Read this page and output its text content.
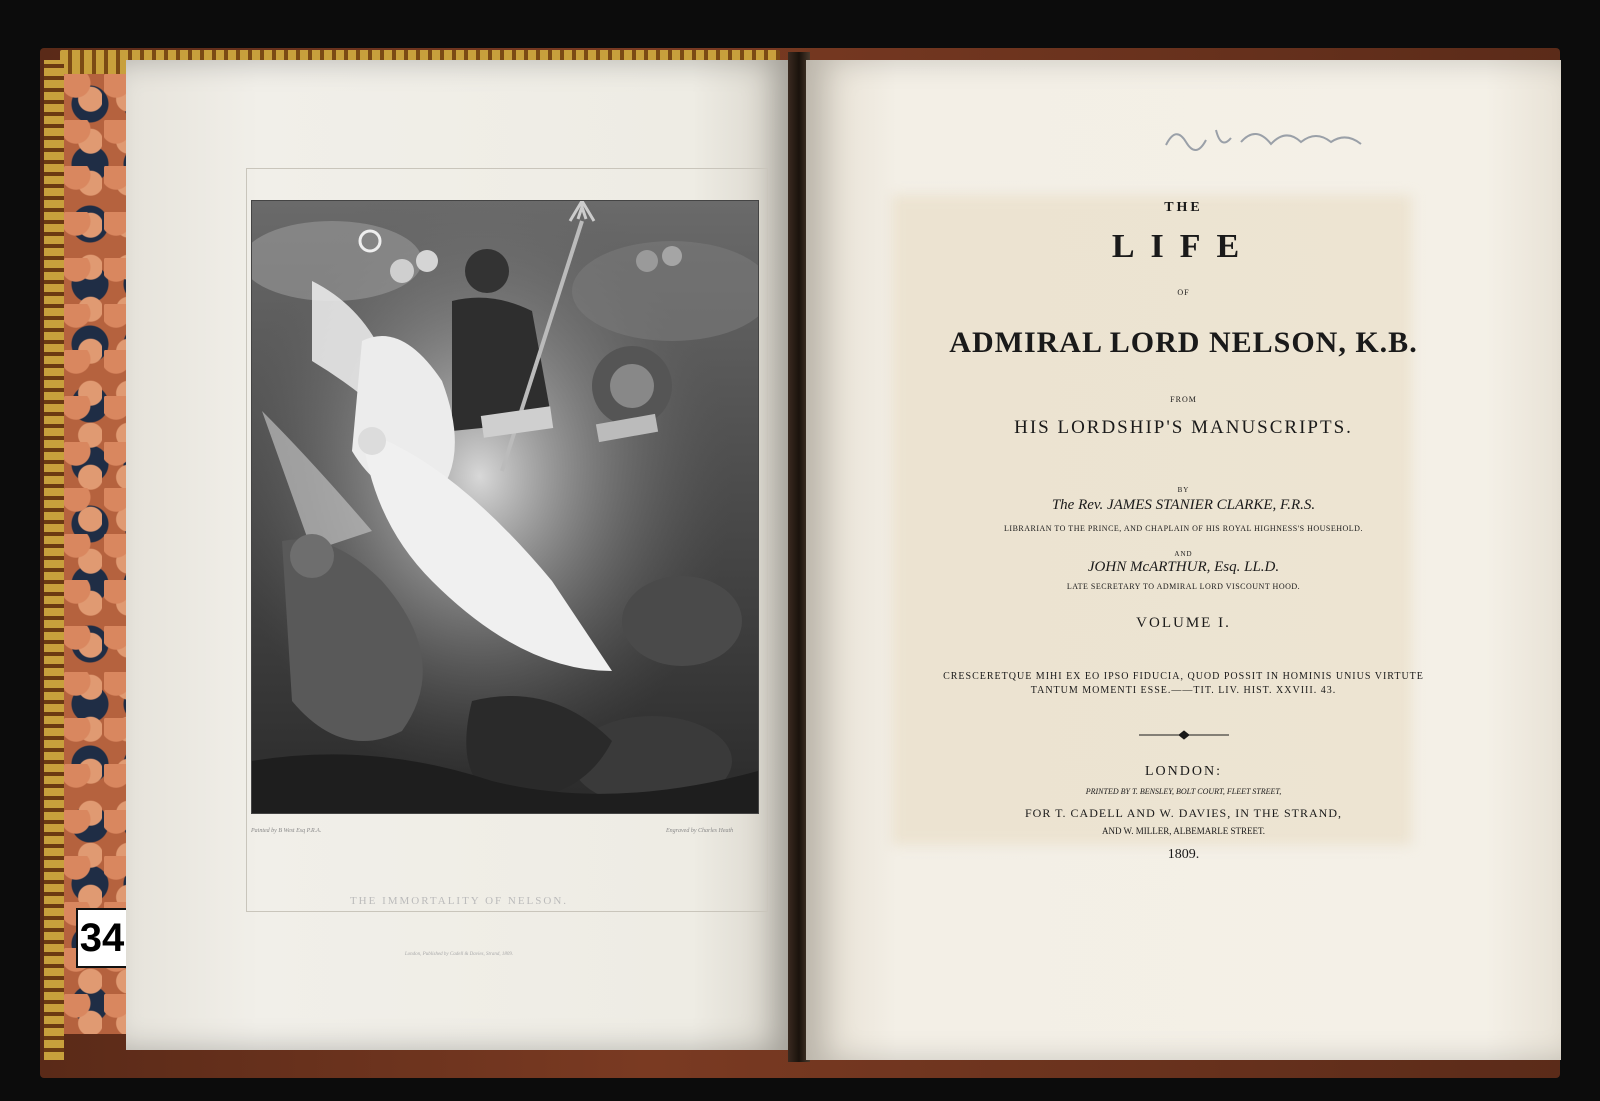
34
Painted by B West Esq P.R.A.	Engraved by Charles Heath
THE IMMORTALITY OF NELSON.
London, Published by Cadell & Davies, Strand, 1809.
THE
LIFE
OF
ADMIRAL LORD NELSON, K.B.
FROM
HIS LORDSHIP'S MANUSCRIPTS.
BY
The Rev. JAMES STANIER CLARKE, F.R.S.
LIBRARIAN TO THE PRINCE, AND CHAPLAIN OF HIS ROYAL HIGHNESS'S HOUSEHOLD.
AND
JOHN McARTHUR, Esq. LL.D.
LATE SECRETARY TO ADMIRAL LORD VISCOUNT HOOD.
VOLUME I.
CRESCERETQUE MIHI EX EO IPSO FIDUCIA, QUOD POSSIT IN HOMINIS UNIUS VIRTUTE
TANTUM MOMENTI ESSE.——TIT. LIV. HIST. XXVIII. 43.
LONDON:
PRINTED BY T. BENSLEY, BOLT COURT, FLEET STREET,
FOR T. CADELL AND W. DAVIES, IN THE STRAND,
AND W. MILLER, ALBEMARLE STREET.
1809.
